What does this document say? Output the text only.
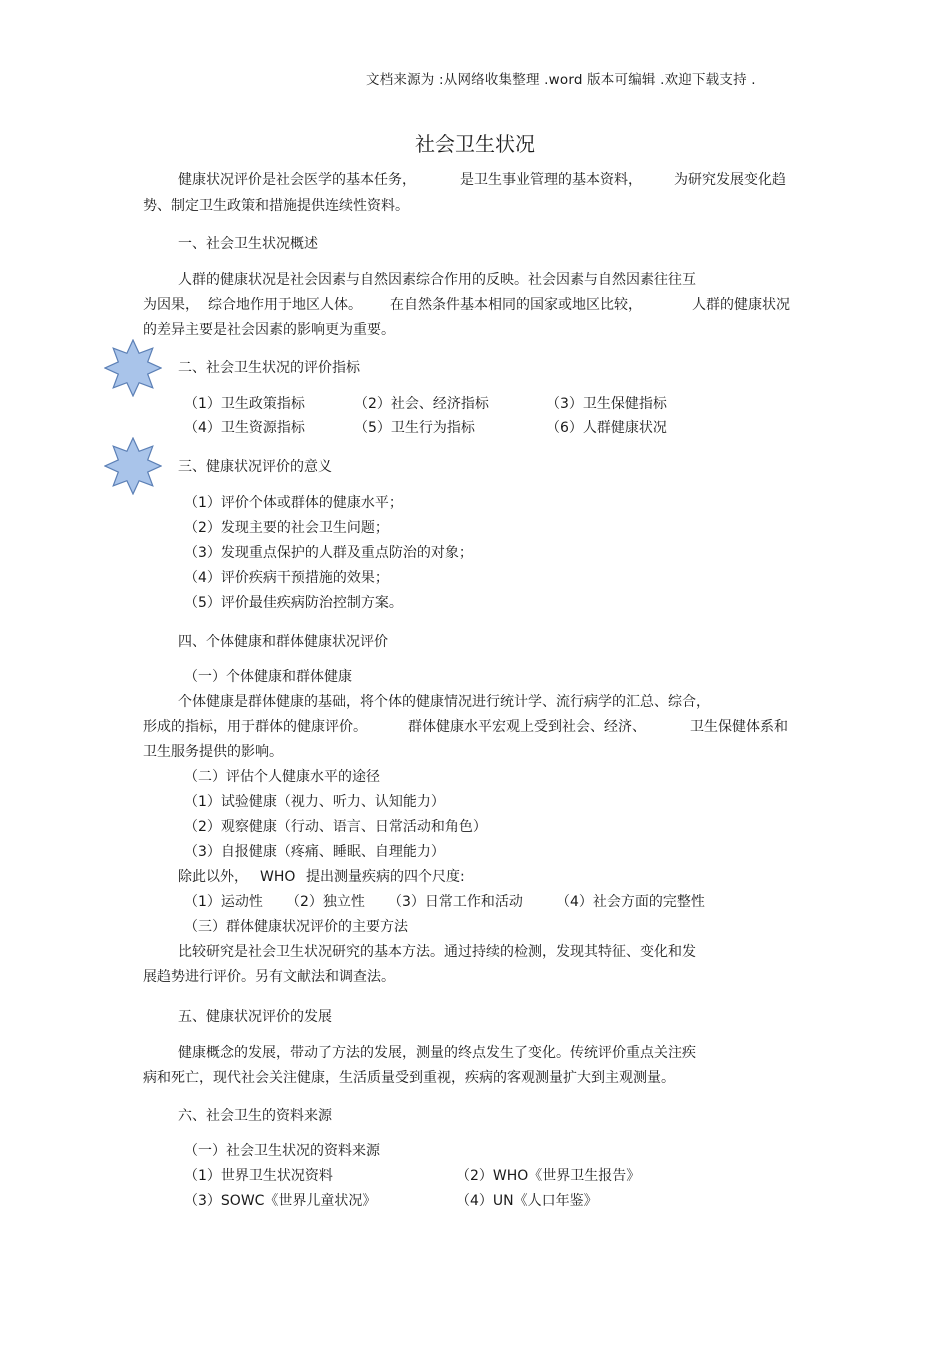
文档来源为 :从网络收集整理 .word 版本可编辑 .欢迎下载支持 .
社会卫生状况
健康状况评价是社会医学的基本任务，	是卫生事业管理的基本资料， 为研究发展变化趋
势、制定卫生政策和措施提供连续性资料。
一、社会卫生状况概述
人群的健康状况是社会因素与自然因素综合作用的反映。社会因素与自然因素往往互
为因果， 综合地作用于地区人体。 在自然条件基本相同的国家或地区比较，	人群的健康状况
的差异主要是社会因素的影响更为重要。
二、社会卫生状况的评价指标
（1）卫生政策指标	（2）社会、经济指标	（3）卫生保健指标
（4）卫生资源指标	（5）卫生行为指标	（6）人群健康状况
三、健康状况评价的意义
（1）评价个体或群体的健康水平；
（2）发现主要的社会卫生问题；
（3）发现重点保护的人群及重点防治的对象；
（4）评价疾病干预措施的效果；
（5）评价最佳疾病防治控制方案。
四、个体健康和群体健康状况评价
（一）个体健康和群体健康
个体健康是群体健康的基础，将个体的健康情况进行统计学、流行病学的汇总、综合，
形成的指标，用于群体的健康评价。	群体健康水平宏观上受到社会、经济、	卫生保健体系和
卫生服务提供的影响。
（二）评估个人健康水平的途径
（1）试验健康（视力、听力、认知能力）
（2）观察健康（行动、语言、日常活动和角色）
（3）自报健康（疼痛、睡眠、自理能力）
除此以外， WHO 提出测量疾病的四个尺度:
（1）运动性 （2）独立性 （3）日常工作和活动 （4）社会方面的完整性
（三）群体健康状况评价的主要方法
比较研究是社会卫生状况研究的基本方法。通过持续的检测，发现其特征、变化和发
展趋势进行评价。另有文献法和调查法。
五、健康状况评价的发展
健康概念的发展，带动了方法的发展，测量的终点发生了变化。传统评价重点关注疾
病和死亡，现代社会关注健康，生活质量受到重视，疾病的客观测量扩大到主观测量。
六、社会卫生的资料来源
（一）社会卫生状况的资料来源
（1）世界卫生状况资料	（2）WHO《世界卫生报告》
（3）SOWC《世界儿童状况》	（4）UN《人口年鉴》
